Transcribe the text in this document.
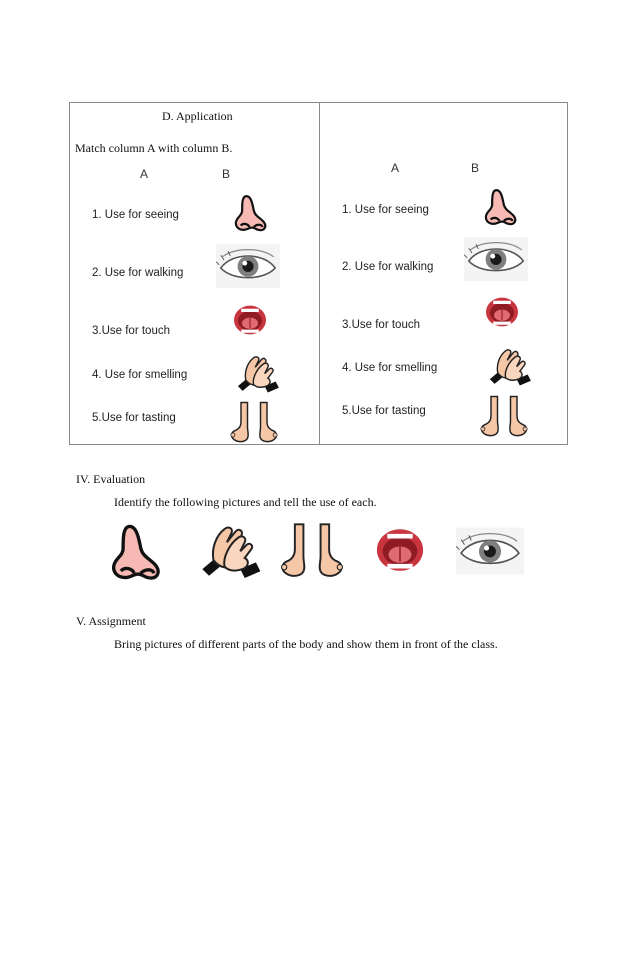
D. Application
Match column A with column B.
A	B
1. Use for seeing
2. Use for walking
3.Use for touch
4. Use for smelling
5.Use for tasting
A	B
1. Use for seeing
2. Use for walking
3.Use for touch
4. Use for smelling
5.Use for tasting
IV. Evaluation
Identify the following pictures and tell the use of each.
V. Assignment
Bring pictures of different parts of the body and show them in front of the class.
